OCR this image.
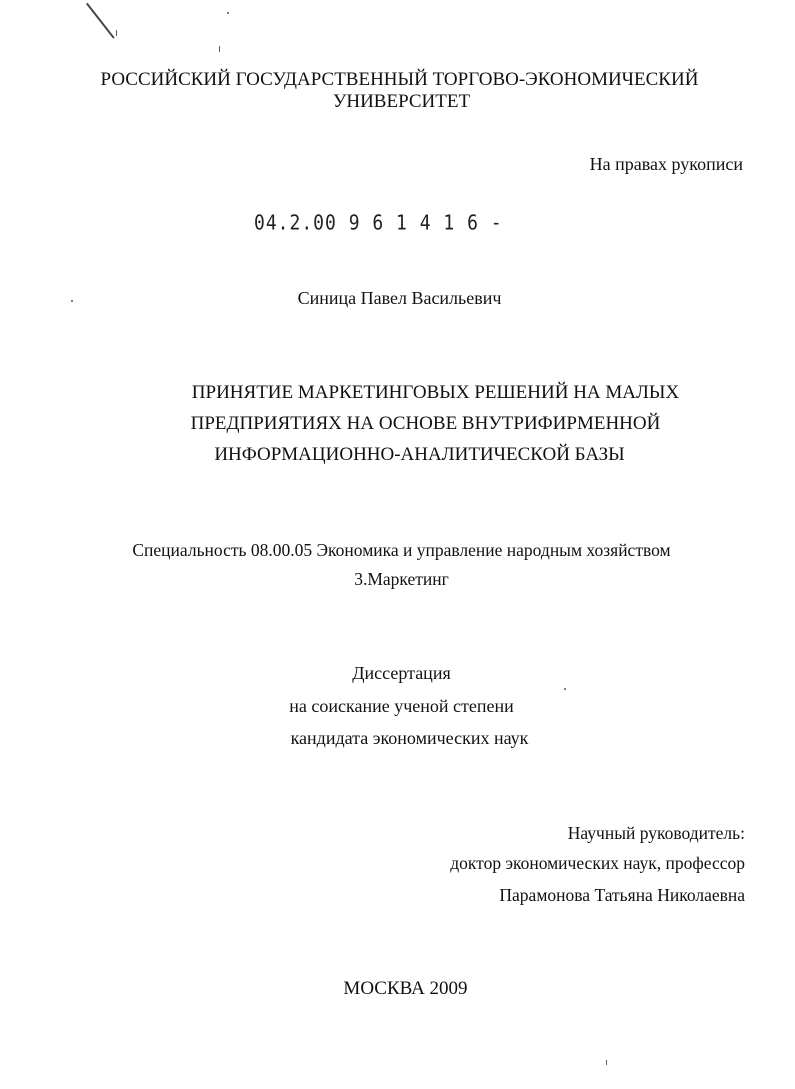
РОССИЙСКИЙ ГОСУДАРСТВЕННЫЙ ТОРГОВО-ЭКОНОМИЧЕСКИЙ
УНИВЕРСИТЕТ
На правах рукописи
04.2.00 9 6 1 4 1 6 -
Синица Павел Васильевич
ПРИНЯТИЕ МАРКЕТИНГОВЫХ РЕШЕНИЙ НА МАЛЫХ
ПРЕДПРИЯТИЯХ НА ОСНОВЕ ВНУТРИФИРМЕННОЙ
ИНФОРМАЦИОННО-АНАЛИТИЧЕСКОЙ БАЗЫ
Специальность 08.00.05 Экономика и управление народным хозяйством
3.Маркетинг
Диссертация
на соискание ученой степени
кандидата экономических наук
Научный руководитель:
доктор экономических наук, профессор
Парамонова Татьяна Николаевна
МОСКВА 2009
